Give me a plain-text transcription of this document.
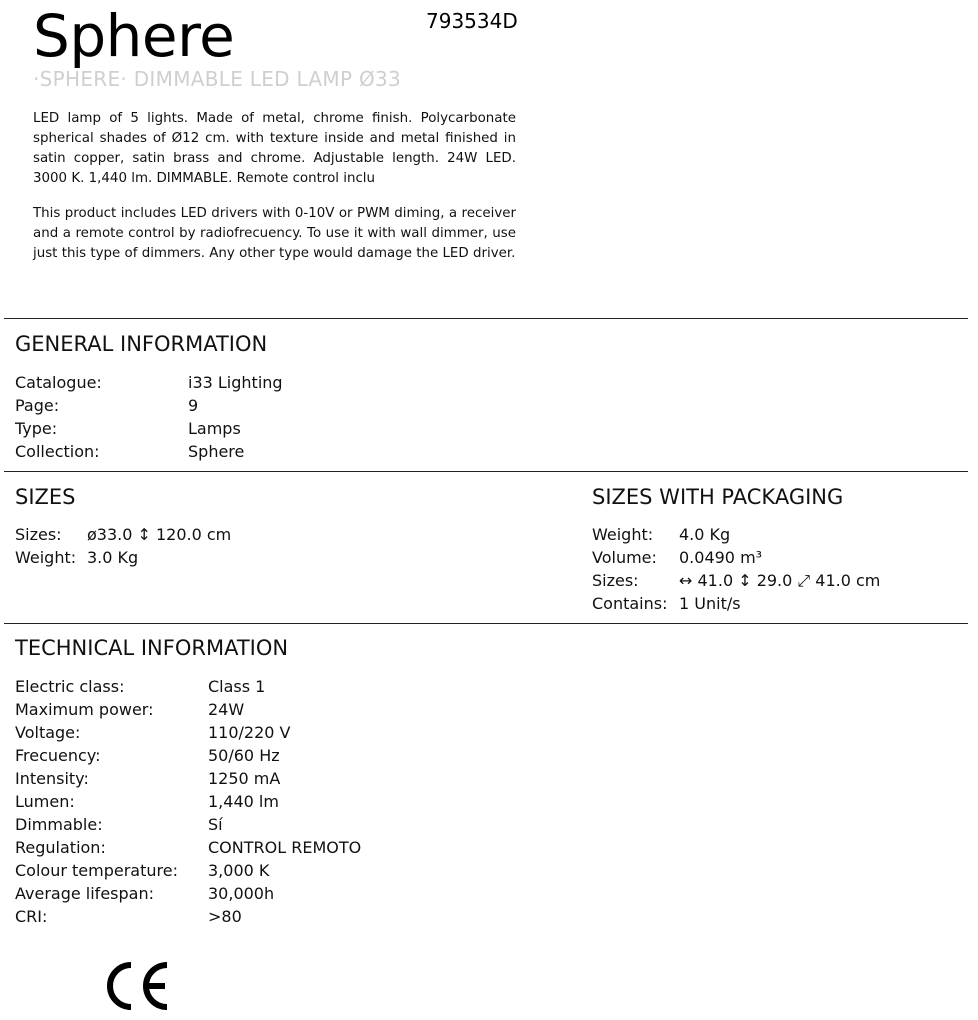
Sphere	793534D
·SPHERE· DIMMABLE LED LAMP Ø33
LED lamp of 5 lights. Made of metal, chrome finish. Polycarbonate spherical shades of Ø12 cm. with texture inside and metal finished in satin copper, satin brass and chrome. Adjustable length. 24W LED. 3000 K. 1,440 lm. DIMMABLE. Remote control inclu
This product includes LED drivers with 0-10V or PWM diming, a receiver and a remote control by radiofrecuency. To use it with wall dimmer, use just this type of dimmers. Any other type would damage the LED driver.
GENERAL INFORMATION
Catalogue:	i33 Lighting
Page:	9
Type:	Lamps
Collection:	Sphere
SIZES
Sizes: ø33.0 ↕ 120.0 cm
Weight: 3.0 Kg
SIZES WITH PACKAGING
Weight: 4.0 Kg
Volume: 0.0490 m³
Sizes:	↔ 41.0 ↕ 29.0 ⤢ 41.0 cm
Contains: 1 Unit/s
TECHNICAL INFORMATION
Electric class:	Class 1
Maximum power:	24W
Voltage:	110/220 V
Frecuency:	50/60 Hz
Intensity:	1250 mA
Lumen:	1,440 lm
Dimmable:	Sí
Regulation:	CONTROL REMOTO
Colour temperature: 3,000 K
Average lifespan:	30,000h
CRI:	>80
